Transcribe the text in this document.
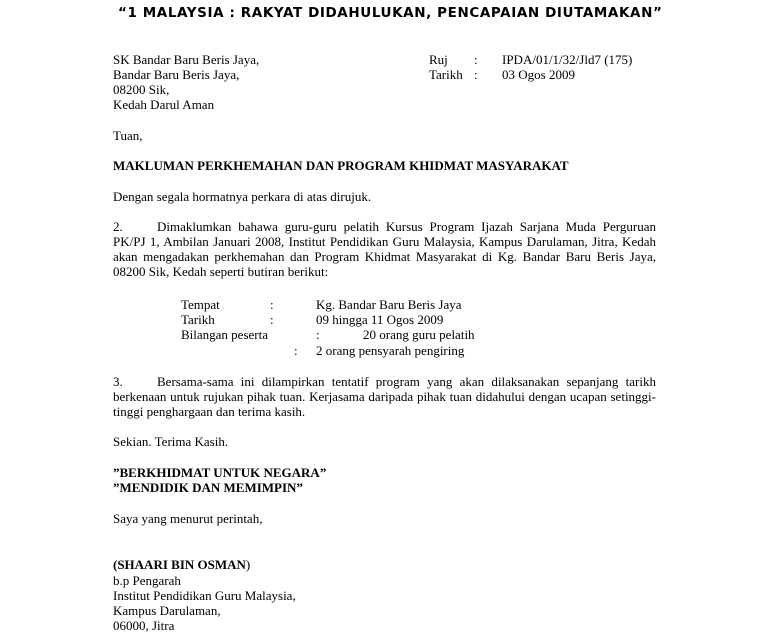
“1 MALAYSIA : RAKYAT DIDAHULUKAN, PENCAPAIAN DIUTAMAKAN”
SK Bandar Baru Beris Jaya,
Bandar Baru Beris Jaya,
08200 Sik,
Kedah Darul Aman
Ruj : IPDA/01/1/32/Jld7 (175)
Tarikh : 03 Ogos 2009
Tuan,
MAKLUMAN PERKHEMAHAN DAN PROGRAM KHIDMAT MASYARAKAT
Dengan segala hormatnya perkara di atas dirujuk.
2.	Dimaklumkan bahawa guru-guru pelatih Kursus Program Ijazah Sarjana Muda Perguruan PK/PJ 1, Ambilan Januari 2008, Institut Pendidikan Guru Malaysia, Kampus Darulaman, Jitra, Kedah akan mengadakan perkhemahan dan Program Khidmat Masyarakat di Kg. Bandar Baru Beris Jaya, 08200 Sik, Kedah seperti butiran berikut:
Tempat	:	Kg. Bandar Baru Beris Jaya
Tarikh	:	09 hingga 11 Ogos 2009
Bilangan peserta	:	20 orang guru pelatih
: 2 orang pensyarah pengiring
3.	Bersama-sama ini dilampirkan tentatif program yang akan dilaksanakan sepanjang tarikh berkenaan untuk rujukan pihak tuan. Kerjasama daripada pihak tuan didahului dengan ucapan setinggi-tinggi penghargaan dan terima kasih.
Sekian. Terima Kasih.
”BERKHIDMAT UNTUK NEGARA”
”MENDIDIK DAN MEMIMPIN”
Saya yang menurut perintah,
(SHAARI BIN OSMAN)
b.p Pengarah
Institut Pendidikan Guru Malaysia,
Kampus Darulaman,
06000, Jitra
